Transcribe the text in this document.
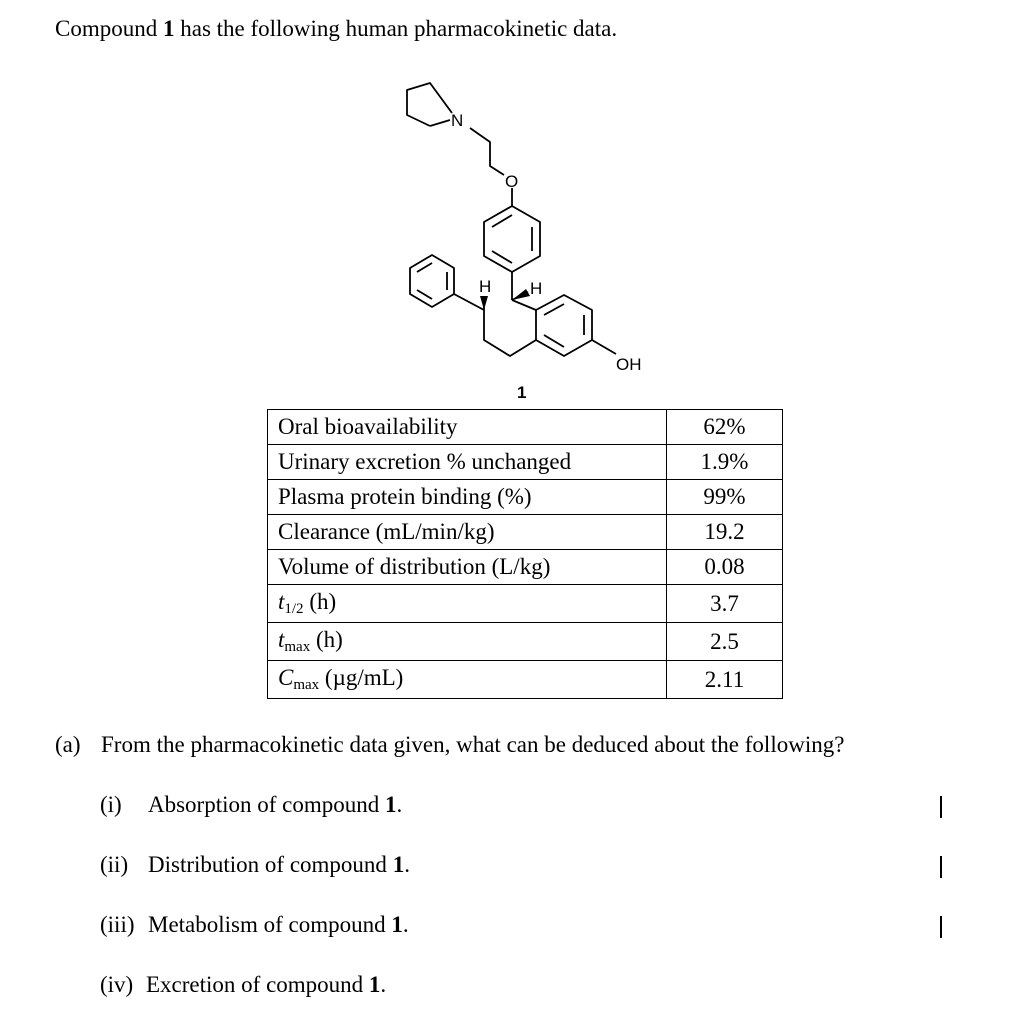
Compound 1 has the following human pharmacokinetic data.
N
O
OH
H H
1
Oral bioavailability	62%
Urinary excretion % unchanged	1.9%
Plasma protein binding (%)	99%
Clearance (mL/min/kg)	19.2
Volume of distribution (L/kg)	0.08
t1/2 (h)	3.7
tmax (h)	2.5
Cmax (µg/mL)	2.11
(a) From the pharmacokinetic data given, what can be deduced about the following?
(i) Absorption of compound 1.
(ii) Distribution of compound 1.
(iii) Metabolism of compound 1.
(iv) Excretion of compound 1.
